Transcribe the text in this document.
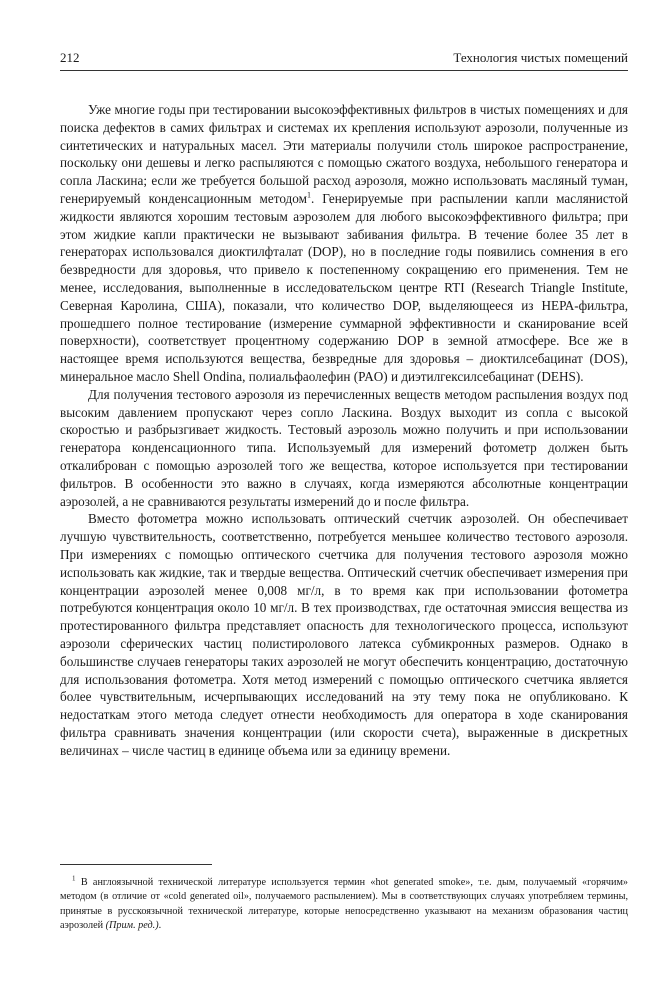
212	Технология чистых помещений

Уже многие годы при тестировании высокоэффективных фильтров в чистых помещениях и для поиска дефектов в самих фильтрах и системах их крепления используют аэрозоли, полученные из синтетических и натуральных масел. Эти материалы получили столь широкое распространение, поскольку они дешевы и легко распыляются с помощью сжатого воздуха, небольшого генератора и сопла Ласкина; если же требуется большой расход аэрозоля, можно использовать масляный туман, генерируемый конденсационным методом$^1$. Генерируемые при распылении капли маслянистой жидкости являются хорошим тестовым аэрозолем для любого высокоэффективного фильтра; при этом жидкие капли практически не вызывают забивания фильтра. В течение более 35 лет в генераторах использовался диоктилфталат (DOP), но в последние годы появились сомнения в его безвредности для здоровья, что привело к постепенному сокращению его применения. Тем не менее, исследования, выполненные в исследовательском центре RTI (Research Triangle Institute, Северная Каролина, США), показали, что количество DOP, выделяющееся из НЕРА-фильтра, прошедшего полное тестирование (измерение суммарной эффективности и сканирование всей поверхности), соответствует процентному содержанию DOP в земной атмосфере. Все же в настоящее время используются вещества, безвредные для здоровья – диоктилсебацинат (DOS), минеральное масло Shell Ondina, полиальфаолефин (PAO) и диэтилгексилсебацинат (DEHS).

Для получения тестового аэрозоля из перечисленных веществ методом распыления воздух под высоким давлением пропускают через сопло Ласкина. Воздух выходит из сопла с высокой скоростью и разбрызгивает жидкость. Тестовый аэрозоль можно получить и при использовании генератора конденсационного типа. Используемый для измерений фотометр должен быть откалиброван с помощью аэрозолей того же вещества, которое используется при тестировании фильтров. В особенности это важно в случаях, когда измеряются абсолютные концентрации аэрозолей, а не сравниваются результаты измерений до и после фильтра.

Вместо фотометра можно использовать оптический счетчик аэрозолей. Он обеспечивает лучшую чувствительность, соответственно, потребуется меньшее количество тестового аэрозоля. При измерениях с помощью оптического счетчика для получения тестового аэрозоля можно использовать как жидкие, так и твердые вещества. Оптический счетчик обеспечивает измерения при концентрации аэрозолей менее 0,008 мг/л, в то время как при использовании фотометра потребуются концентрация около 10 мг/л. В тех производствах, где остаточная эмиссия вещества из протестированного фильтра представляет опасность для технологического процесса, используют аэрозоли сферических частиц полистиролового латекса субмикронных размеров. Однако в большинстве случаев генераторы таких аэрозолей не могут обеспечить концентрацию, достаточную для использования фотометра. Хотя метод измерений с помощью оптического счетчика является более чувствительным, исчерпывающих исследований на эту тему пока не опубликовано. К недостаткам этого метода следует отнести необходимость для оператора в ходе сканирования фильтра сравнивать значения концентрации (или скорости счета), выраженные в дискретных величинах – числе частиц в единице объема или за единицу времени.

$^1$ В англоязычной технической литературе используется термин «hot generated smoke», т.е. дым, получаемый «горячим» методом (в отличие от «cold generated oil», получаемого распылением). Мы в соответствующих случаях употребляем термины, принятые в русскоязычной технической литературе, которые непосредственно указывают на механизм образования частиц аэрозолей (Прим. ред.).
